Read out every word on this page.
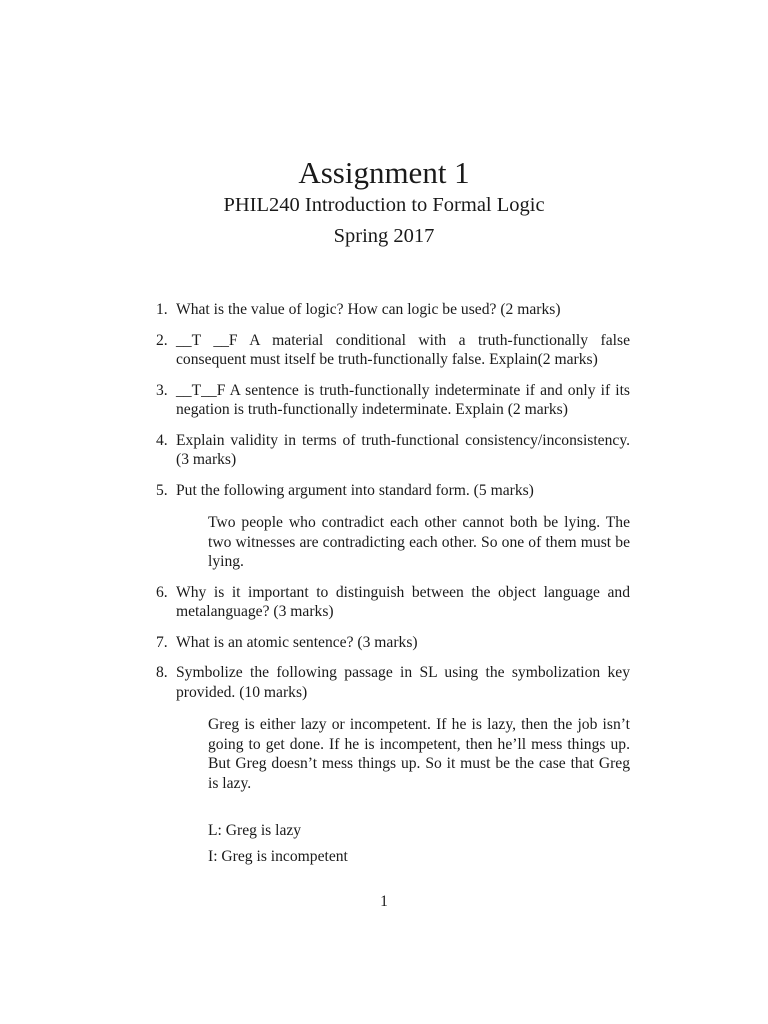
Assignment 1
PHIL240 Introduction to Formal Logic
Spring 2017
1. What is the value of logic? How can logic be used? (2 marks)
2. __T __F A material conditional with a truth-functionally false consequent must itself be truth-functionally false. Explain(2 marks)
3. __T__F A sentence is truth-functionally indeterminate if and only if its negation is truth-functionally indeterminate. Explain (2 marks)
4. Explain validity in terms of truth-functional consistency/inconsistency. (3 marks)
5. Put the following argument into standard form. (5 marks)
Two people who contradict each other cannot both be lying. The two witnesses are contradicting each other. So one of them must be lying.
6. Why is it important to distinguish between the object language and metalanguage? (3 marks)
7. What is an atomic sentence? (3 marks)
8. Symbolize the following passage in SL using the symbolization key provided. (10 marks)
Greg is either lazy or incompetent. If he is lazy, then the job isn’t going to get done. If he is incompetent, then he’ll mess things up. But Greg doesn’t mess things up. So it must be the case that Greg is lazy.
L: Greg is lazy
I: Greg is incompetent
1
